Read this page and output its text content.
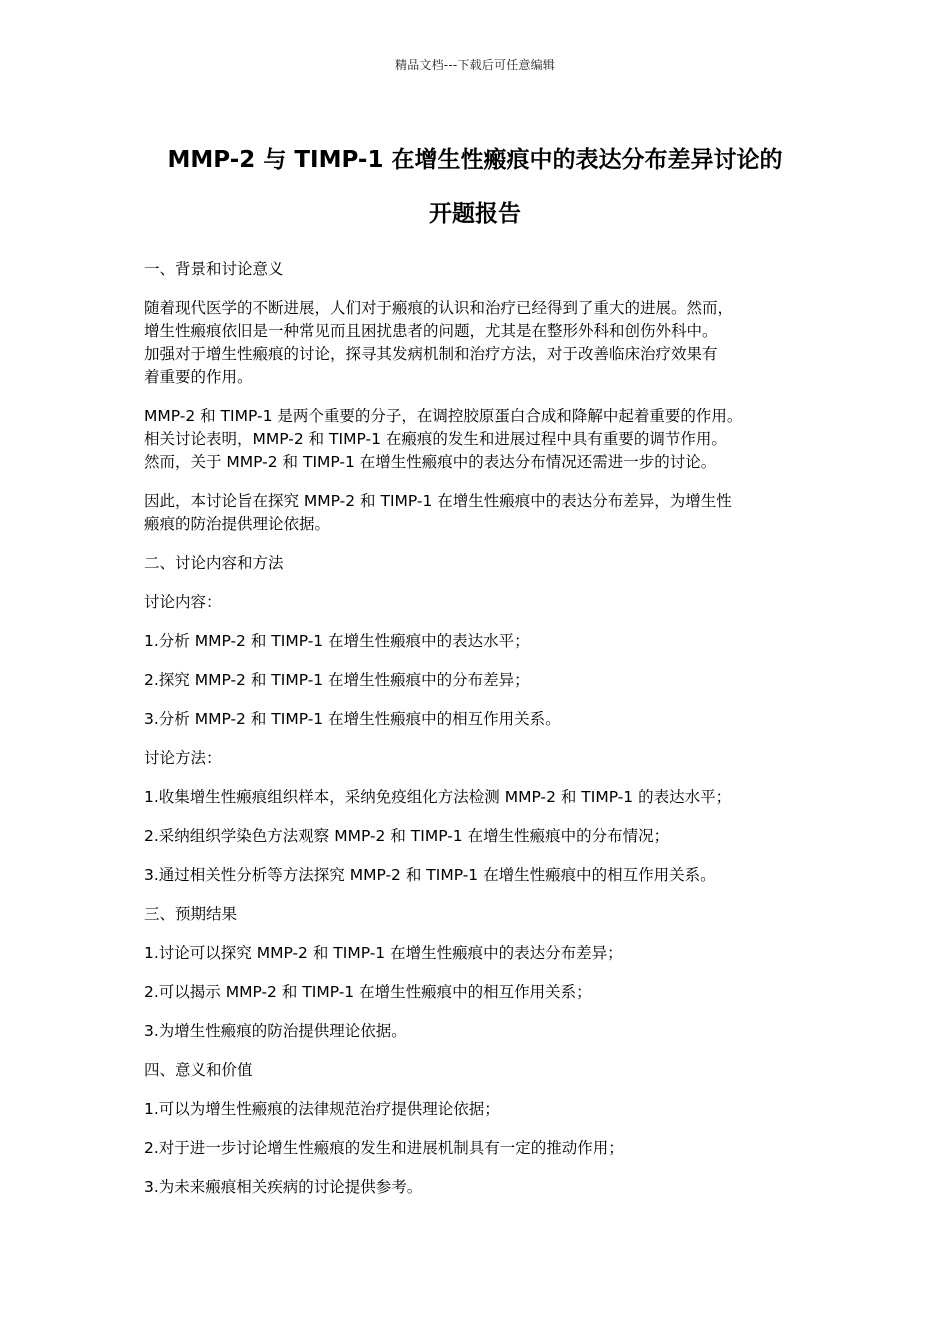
精品文档---下载后可任意编辑
MMP-2 与 TIMP-1 在增生性瘢痕中的表达分布差异讨论的
开题报告
一、背景和讨论意义
随着现代医学的不断进展，人们对于瘢痕的认识和治疗已经得到了重大的进展。然而，
增生性瘢痕依旧是一种常见而且困扰患者的问题，尤其是在整形外科和创伤外科中。
加强对于增生性瘢痕的讨论，探寻其发病机制和治疗方法，对于改善临床治疗效果有
着重要的作用。
MMP-2 和 TIMP-1 是两个重要的分子，在调控胶原蛋白合成和降解中起着重要的作用。
相关讨论表明，MMP-2 和 TIMP-1 在瘢痕的发生和进展过程中具有重要的调节作用。
然而，关于 MMP-2 和 TIMP-1 在增生性瘢痕中的表达分布情况还需进一步的讨论。
因此，本讨论旨在探究 MMP-2 和 TIMP-1 在增生性瘢痕中的表达分布差异，为增生性
瘢痕的防治提供理论依据。
二、讨论内容和方法
讨论内容：
1.分析 MMP-2 和 TIMP-1 在增生性瘢痕中的表达水平；
2.探究 MMP-2 和 TIMP-1 在增生性瘢痕中的分布差异；
3.分析 MMP-2 和 TIMP-1 在增生性瘢痕中的相互作用关系。
讨论方法：
1.收集增生性瘢痕组织样本，采纳免疫组化方法检测 MMP-2 和 TIMP-1 的表达水平；
2.采纳组织学染色方法观察 MMP-2 和 TIMP-1 在增生性瘢痕中的分布情况；
3.通过相关性分析等方法探究 MMP-2 和 TIMP-1 在增生性瘢痕中的相互作用关系。
三、预期结果
1.讨论可以探究 MMP-2 和 TIMP-1 在增生性瘢痕中的表达分布差异；
2.可以揭示 MMP-2 和 TIMP-1 在增生性瘢痕中的相互作用关系；
3.为增生性瘢痕的防治提供理论依据。
四、意义和价值
1.可以为增生性瘢痕的法律规范治疗提供理论依据；
2.对于进一步讨论增生性瘢痕的发生和进展机制具有一定的推动作用；
3.为未来瘢痕相关疾病的讨论提供参考。
